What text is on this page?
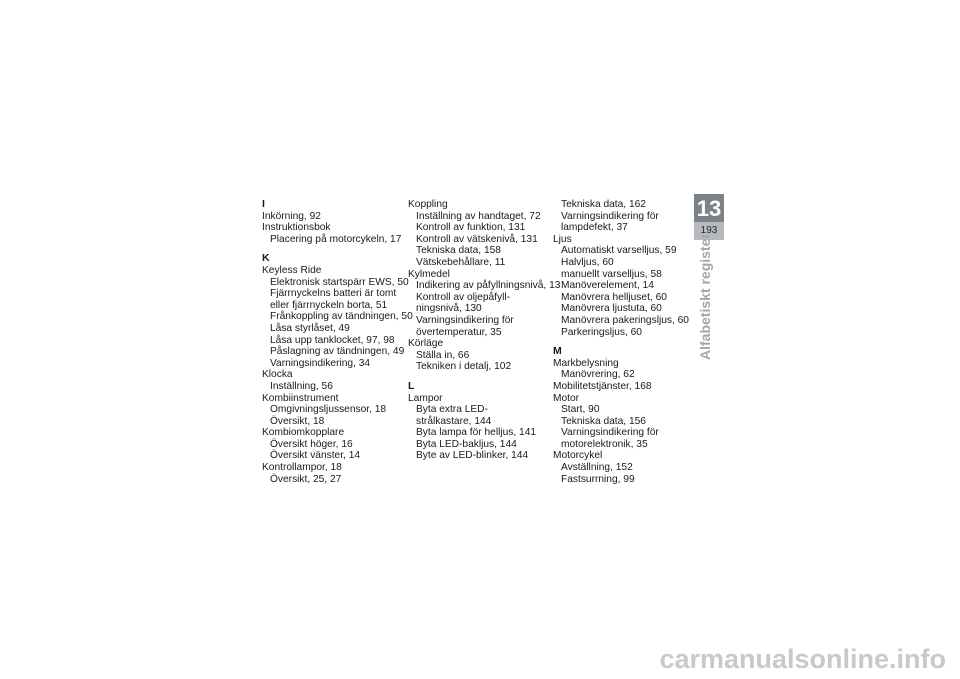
I
Inkörning, 92
Instruktionsbok
Placering på motorcykeln, 17
K
Keyless Ride
Elektronisk startspärr EWS, 50
Fjärrnyckelns batteri är tomt
eller fjärrnyckeln borta, 51
Frånkoppling av tändningen, 50
Låsa styrlåset, 49
Låsa upp tanklocket, 97, 98
Påslagning av tändningen, 49
Varningsindikering, 34
Klocka
Inställning, 56
Kombiinstrument
Omgivningsljussensor, 18
Översikt, 18
Kombiomkopplare
Översikt höger, 16
Översikt vänster, 14
Kontrollampor, 18
Översikt, 25, 27
Koppling
Inställning av handtaget, 72
Kontroll av funktion, 131
Kontroll av vätskenivå, 131
Tekniska data, 158
Vätskebehållare, 11
Kylmedel
Indikering av påfyllningsnivå, 13
Kontroll av oljepåfyll-
ningsnivå, 130
Varningsindikering för
övertemperatur, 35
Körläge
Ställa in, 66
Tekniken i detalj, 102
L
Lampor
Byta extra LED-
strålkastare, 144
Byta lampa för helljus, 141
Byta LED-bakljus, 144
Byte av LED-blinker, 144
Tekniska data, 162
Varningsindikering för
lampdefekt, 37
Ljus
Automatiskt varselljus, 59
Halvljus, 60
manuellt varselljus, 58
Manöverelement, 14
Manövrera helljuset, 60
Manövrera ljustuta, 60
Manövrera pakeringsljus, 60
Parkeringsljus, 60
M
Markbelysning
Manövrering, 62
Mobilitetstjänster, 168
Motor
Start, 90
Tekniska data, 156
Varningsindikering för
motorelektronik, 35
Motorcykel
Avställning, 152
Fastsurrning, 99
13
193
Alfabetiskt register
carmanualsonline.info
